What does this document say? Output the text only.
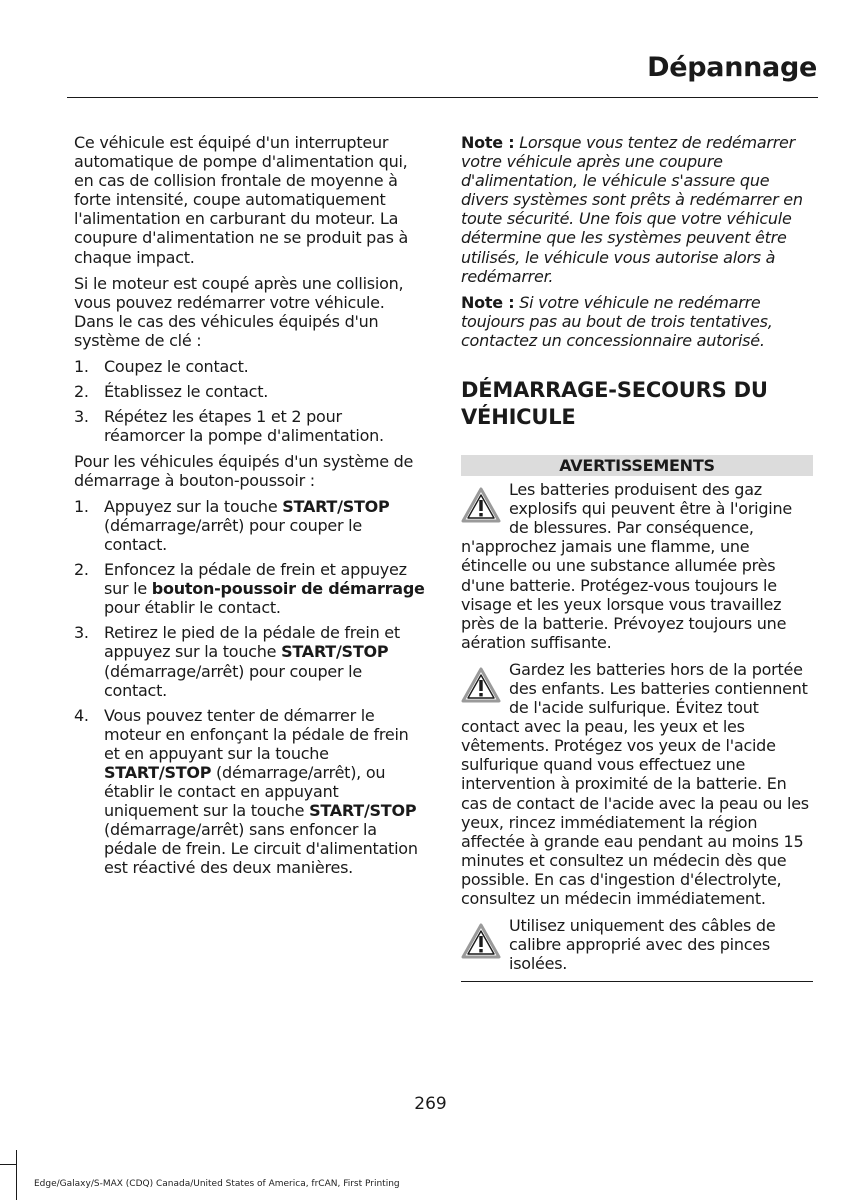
Dépannage

Ce véhicule est équipé d'un interrupteur automatique de pompe d'alimentation qui, en cas de collision frontale de moyenne à forte intensité, coupe automatiquement l'alimentation en carburant du moteur. La coupure d'alimentation ne se produit pas à chaque impact.

Si le moteur est coupé après une collision, vous pouvez redémarrer votre véhicule. Dans le cas des véhicules équipés d'un système de clé :

1. Coupez le contact.
2. Établissez le contact.
3. Répétez les étapes 1 et 2 pour réamorcer la pompe d'alimentation.

Pour les véhicules équipés d'un système de démarrage à bouton-poussoir :

1. Appuyez sur la touche START/STOP (démarrage/arrêt) pour couper le contact.
2. Enfoncez la pédale de frein et appuyez sur le bouton-poussoir de démarrage pour établir le contact.
3. Retirez le pied de la pédale de frein et appuyez sur la touche START/STOP (démarrage/arrêt) pour couper le contact.
4. Vous pouvez tenter de démarrer le moteur en enfonçant la pédale de frein et en appuyant sur la touche START/STOP (démarrage/arrêt), ou établir le contact en appuyant uniquement sur la touche START/STOP (démarrage/arrêt) sans enfoncer la pédale de frein. Le circuit d'alimentation est réactivé des deux manières.

Note : Lorsque vous tentez de redémarrer votre véhicule après une coupure d'alimentation, le véhicule s'assure que divers systèmes sont prêts à redémarrer en toute sécurité. Une fois que votre véhicule détermine que les systèmes peuvent être utilisés, le véhicule vous autorise alors à redémarrer.

Note : Si votre véhicule ne redémarre toujours pas au bout de trois tentatives, contactez un concessionnaire autorisé.

DÉMARRAGE-SECOURS DU VÉHICULE
AVERTISSEMENTS
Les batteries produisent des gaz explosifs qui peuvent être à l'origine de blessures. Par conséquence, n'approchez jamais une flamme, une étincelle ou une substance allumée près d'une batterie. Protégez-vous toujours le visage et les yeux lorsque vous travaillez près de la batterie. Prévoyez toujours une aération suffisante.
Gardez les batteries hors de la portée des enfants. Les batteries contiennent de l'acide sulfurique. Évitez tout contact avec la peau, les yeux et les vêtements. Protégez vos yeux de l'acide sulfurique quand vous effectuez une intervention à proximité de la batterie. En cas de contact de l'acide avec la peau ou les yeux, rincez immédiatement la région affectée à grande eau pendant au moins 15 minutes et consultez un médecin dès que possible. En cas d'ingestion d'électrolyte, consultez un médecin immédiatement.
Utilisez uniquement des câbles de calibre approprié avec des pinces isolées.
269
Edge/Galaxy/S-MAX (CDQ) Canada/United States of America, frCAN, First Printing
